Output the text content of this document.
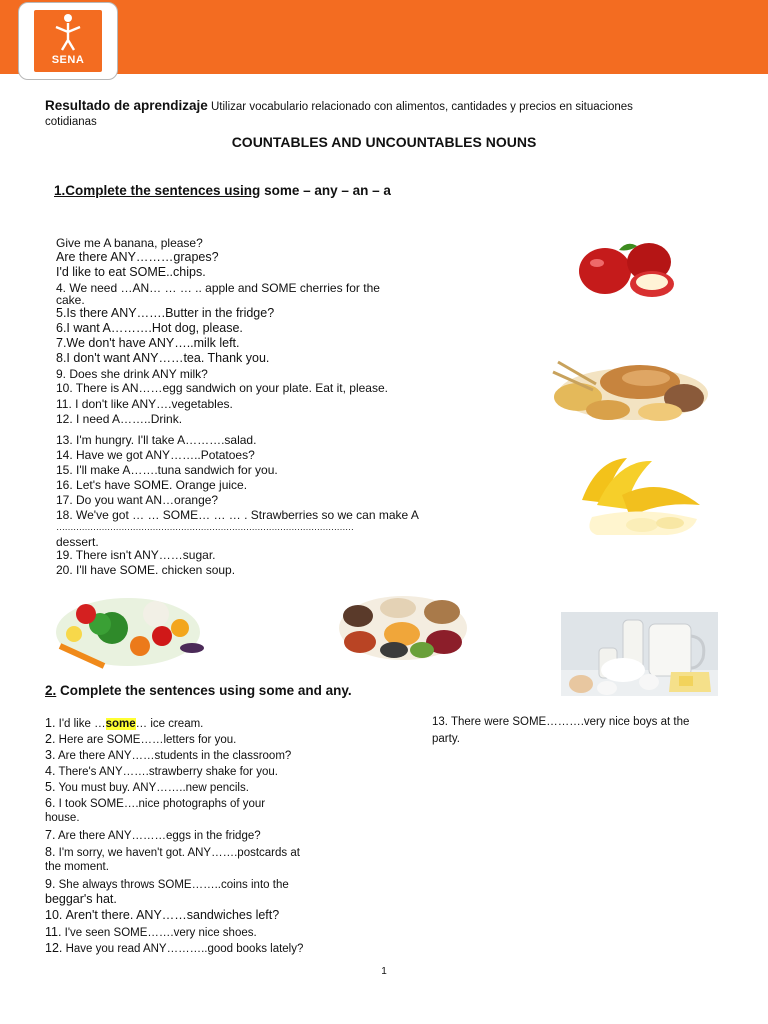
SENA
Resultado de aprendizaje Utilizar vocabulario relacionado con alimentos, cantidades y precios en situaciones
cotidianas
COUNTABLES AND UNCOUNTABLES NOUNS
1.Complete the sentences using some – any – an – a
Give me A banana, please?
Are there ANY………grapes?
I'd like to eat SOME..chips.
4. We need …AN… … … .. apple and SOME cherries for the
cake.
5.Is there ANY…….Butter in the fridge?
6.I want A……….Hot dog, please.
7.We don't have ANY…..milk left.
8.I don't want ANY……tea. Thank you.
9. Does she drink ANY milk?
10. There is AN……egg sandwich on your plate. Eat it, please.
11. I don't like ANY….vegetables.
12. I need A……..Drink.
13. I'm hungry. I'll take A……….salad.
14. Have we got ANY……..Potatoes?
15. I'll make A…….tuna sandwich for you.
16. Let's have SOME. Orange juice.
17. Do you want AN…orange?
18. We've got … … SOME… … … . Strawberries so we can make A
……………………………………………………………………………………………
dessert.
19. There isn't ANY……sugar.
20. I'll have SOME. chicken soup.
2. Complete the sentences using some and any.
1. I'd like …some… ice cream.
2. Here are SOME……letters for you.
3. Are there ANY……students in the classroom?
4. There's ANY…….strawberry shake for you.
5. You must buy. ANY……..new pencils.
6. I took SOME….nice photographs of your
house.
7. Are there ANY………eggs in the fridge?
8. I'm sorry, we haven't got. ANY…….postcards at
the moment.
9. She always throws SOME……..coins into the
beggar's hat.
10. Aren't there. ANY……sandwiches left?
11. I've seen SOME…….very nice shoes.
12. Have you read ANY………..good books lately?
13. There were SOME……….very nice boys at the
party.
1
